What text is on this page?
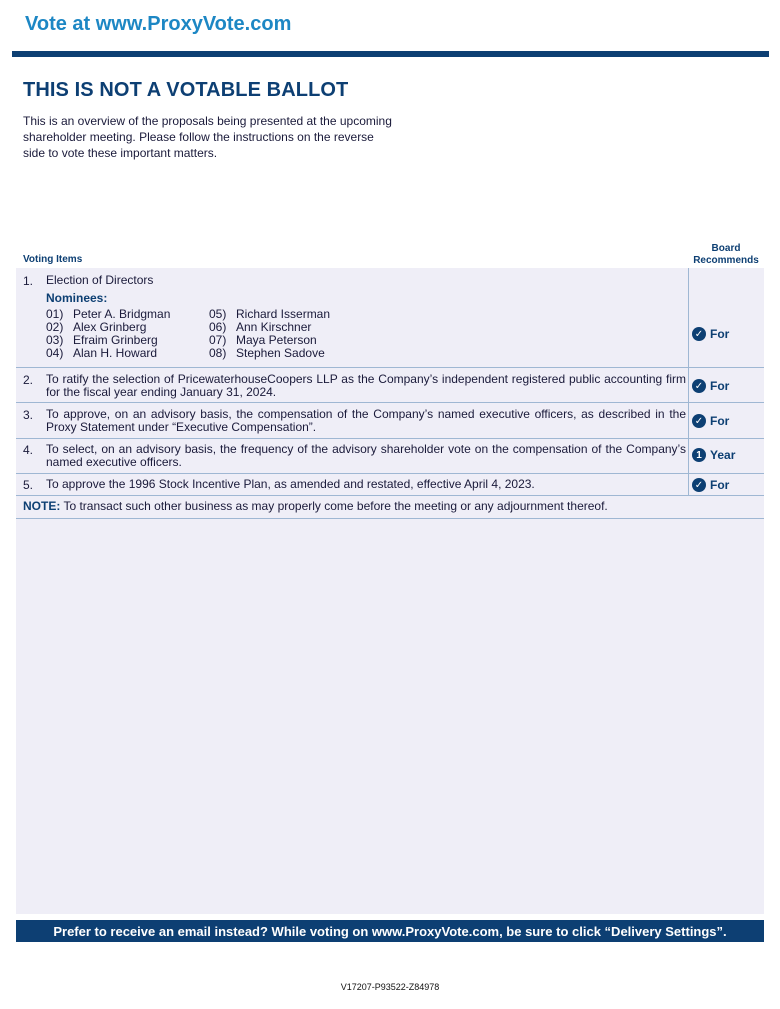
Vote at www.ProxyVote.com
THIS IS NOT A VOTABLE BALLOT
This is an overview of the proposals being presented at the upcoming shareholder meeting. Please follow the instructions on the reverse side to vote these important matters.
Voting Items
Board Recommends
1. Election of Directors
Nominees:
01) Peter A. Bridgman
02) Alex Grinberg
03) Efraim Grinberg
04) Alan H. Howard
05) Richard Isserman
06) Ann Kirschner
07) Maya Peterson
08) Stephen Sadove
✓ For
2. To ratify the selection of PricewaterhouseCoopers LLP as the Company’s independent registered public accounting firm for the fiscal year ending January 31, 2024.	✓ For
3. To approve, on an advisory basis, the compensation of the Company’s named executive officers, as described in the Proxy Statement under “Executive Compensation”.	✓ For
4. To select, on an advisory basis, the frequency of the advisory shareholder vote on the compensation of the Company’s named executive officers.	1 Year
5. To approve the 1996 Stock Incentive Plan, as amended and restated, effective April 4, 2023.	✓ For
NOTE: To transact such other business as may properly come before the meeting or any adjournment thereof.
Prefer to receive an email instead? While voting on www.ProxyVote.com, be sure to click “Delivery Settings”.
V17207-P93522-Z84978
